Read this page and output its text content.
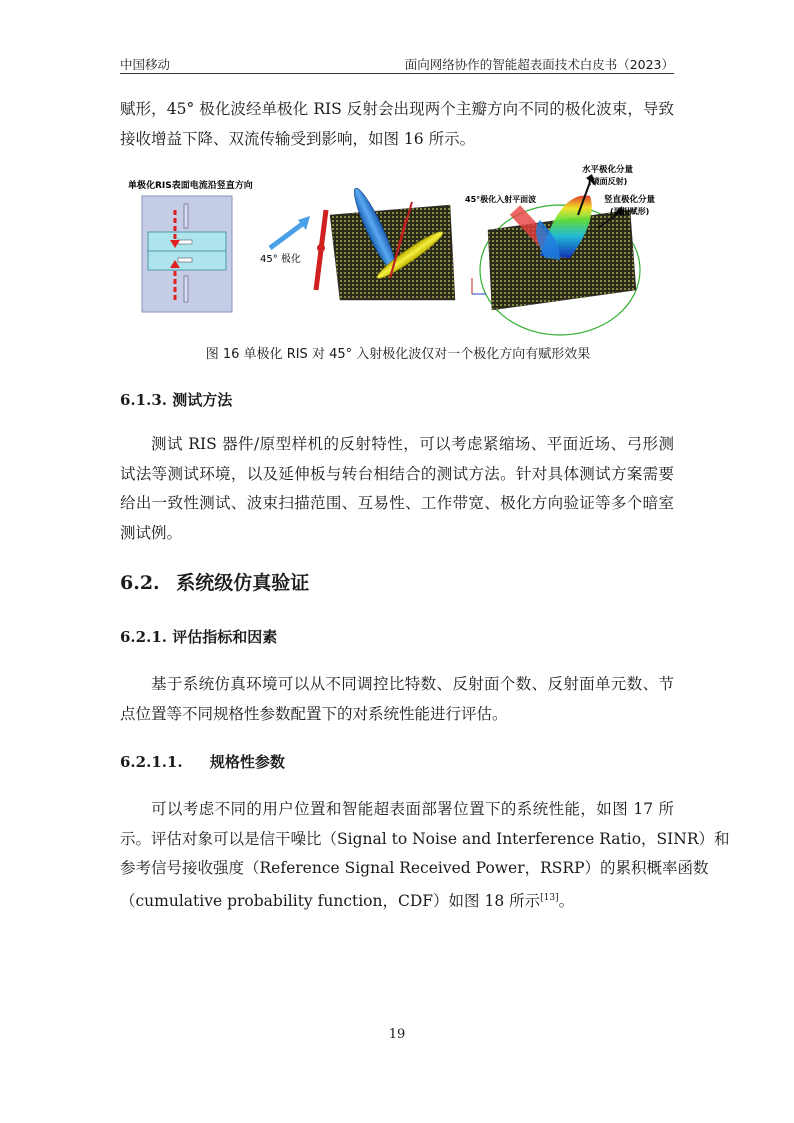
中国移动	面向网络协作的智能超表面技术白皮书（2023）
赋形，45° 极化波经单极化 RIS 反射会出现两个主瓣方向不同的极化波束，导致
接收增益下降、双流传输受到影响，如图 16 所示。
单极化RIS表面电流沿竖直方向
45° 极化
45°极化入射平面波
水平极化分量
(镜面反射)
竖直极化分量
(调相赋形)
图 16 单极化 RIS 对 45° 入射极化波仅对一个极化方向有赋形效果
6.1.3. 测试方法
测试 RIS 器件/原型样机的反射特性，可以考虑紧缩场、平面近场、弓形测
试法等测试环境，以及延伸板与转台相结合的测试方法。针对具体测试方案需要
给出一致性测试、波束扫描范围、互易性、工作带宽、极化方向验证等多个暗室
测试例。
6.2. 系统级仿真验证
6.2.1. 评估指标和因素
基于系统仿真环境可以从不同调控比特数、反射面个数、反射面单元数、节
点位置等不同规格性参数配置下的对系统性能进行评估。
6.2.1.1. 规格性参数
可以考虑不同的用户位置和智能超表面部署位置下的系统性能，如图 17 所
示。评估对象可以是信干噪比（Signal to Noise and Interference Ratio，SINR）和
参考信号接收强度（Reference Signal Received Power，RSRP）的累积概率函数
（cumulative probability function，CDF）如图 18 所示[13]。
19
